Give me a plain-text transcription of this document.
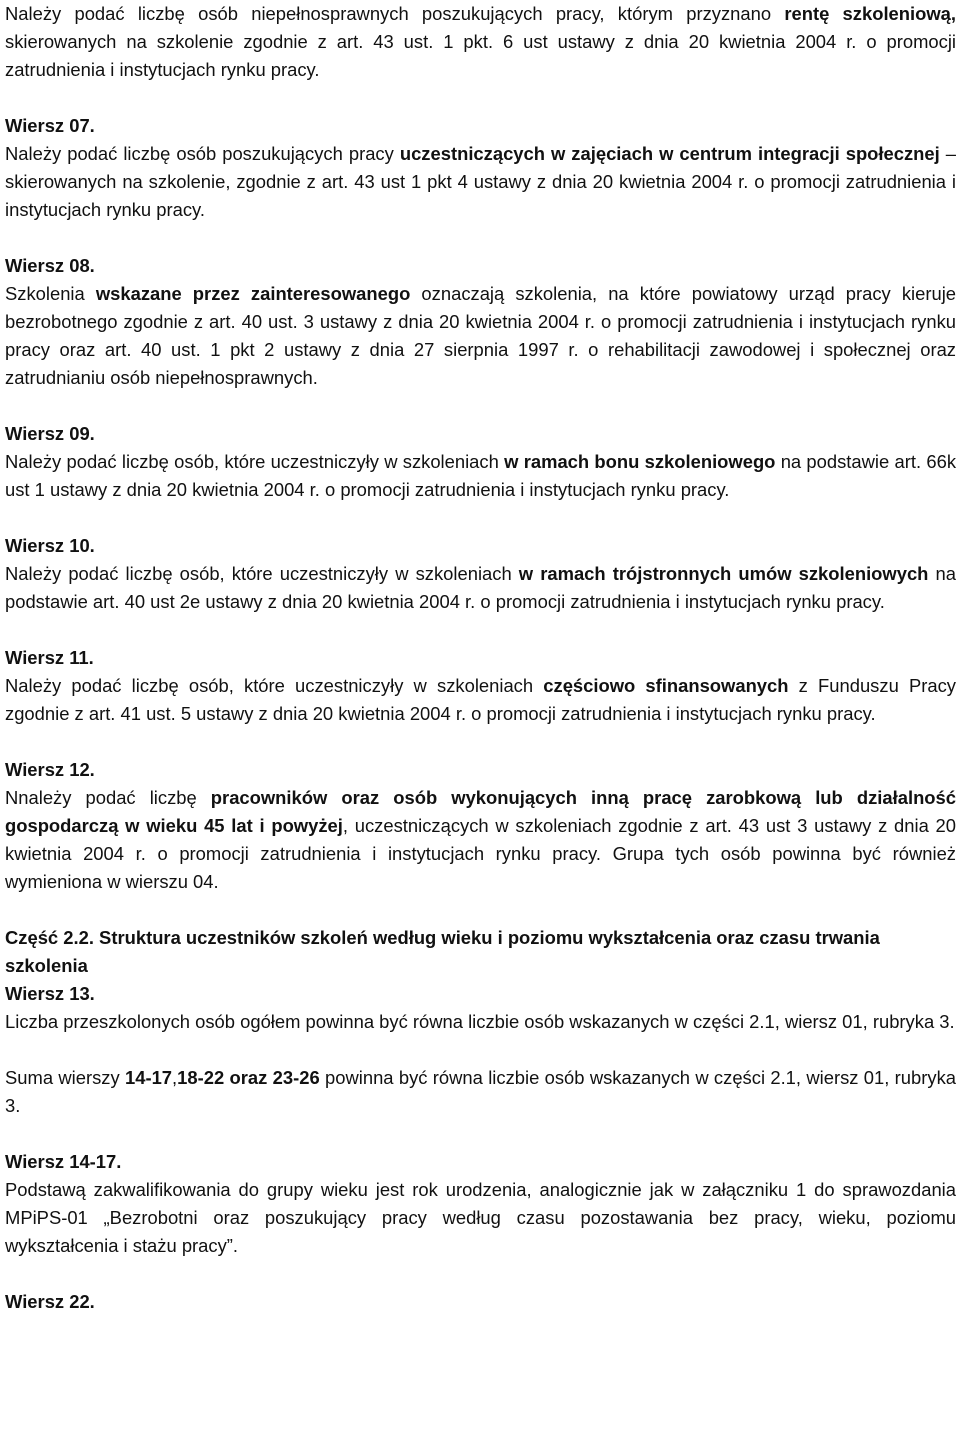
Należy podać liczbę osób niepełnosprawnych poszukujących pracy, którym przyznano rentę szkoleniową, skierowanych na szkolenie zgodnie z art. 43 ust. 1 pkt. 6 ust ustawy z dnia 20 kwietnia 2004 r. o promocji zatrudnienia i instytucjach rynku pracy.

Wiersz 07.

Należy podać liczbę osób poszukujących pracy uczestniczących w zajęciach w centrum integracji społecznej – skierowanych na szkolenie, zgodnie z art. 43 ust 1 pkt 4 ustawy z dnia 20 kwietnia 2004 r. o promocji zatrudnienia i instytucjach rynku pracy.

Wiersz 08.

Szkolenia wskazane przez zainteresowanego oznaczają szkolenia, na które powiatowy urząd pracy kieruje bezrobotnego zgodnie z art. 40 ust. 3 ustawy z dnia 20 kwietnia 2004 r. o promocji zatrudnienia i instytucjach rynku pracy oraz art. 40 ust. 1 pkt 2 ustawy z dnia 27 sierpnia 1997 r. o rehabilitacji zawodowej i społecznej oraz zatrudnianiu osób niepełnosprawnych.

Wiersz 09.

Należy podać liczbę osób, które uczestniczyły w szkoleniach w ramach bonu szkoleniowego na podstawie art. 66k ust 1 ustawy z dnia 20 kwietnia 2004 r. o promocji zatrudnienia i instytucjach rynku pracy.

Wiersz 10.

Należy podać liczbę osób, które uczestniczyły w szkoleniach w ramach trójstronnych umów szkoleniowych na podstawie art. 40 ust 2e ustawy z dnia 20 kwietnia 2004 r. o promocji zatrudnienia i instytucjach rynku pracy.

Wiersz 11.

Należy podać liczbę osób, które uczestniczyły w szkoleniach częściowo sfinansowanych z Funduszu Pracy zgodnie z art. 41 ust. 5 ustawy z dnia 20 kwietnia 2004 r. o promocji zatrudnienia i instytucjach rynku pracy.

Wiersz 12.

Nnależy podać liczbę pracowników oraz osób wykonujących inną pracę zarobkową lub działalność gospodarczą w wieku 45 lat i powyżej, uczestniczących w szkoleniach zgodnie z art. 43 ust 3 ustawy z dnia 20 kwietnia 2004 r. o promocji zatrudnienia i instytucjach rynku pracy. Grupa tych osób powinna być również wymieniona w wierszu 04.

Część 2.2. Struktura uczestników szkoleń według wieku i poziomu wykształcenia oraz czasu trwania szkolenia

Wiersz 13.

Liczba przeszkolonych osób ogółem powinna być równa liczbie osób wskazanych w części 2.1, wiersz 01, rubryka 3.

Suma wierszy 14-17,18-22 oraz 23-26 powinna być równa liczbie osób wskazanych w części 2.1, wiersz 01, rubryka 3.

Wiersz 14-17.

Podstawą zakwalifikowania do grupy wieku jest rok urodzenia, analogicznie jak w załączniku 1 do sprawozdania MPiPS-01 „Bezrobotni oraz poszukujący pracy według czasu pozostawania bez pracy, wieku, poziomu wykształcenia i stażu pracy”.

Wiersz 22.
